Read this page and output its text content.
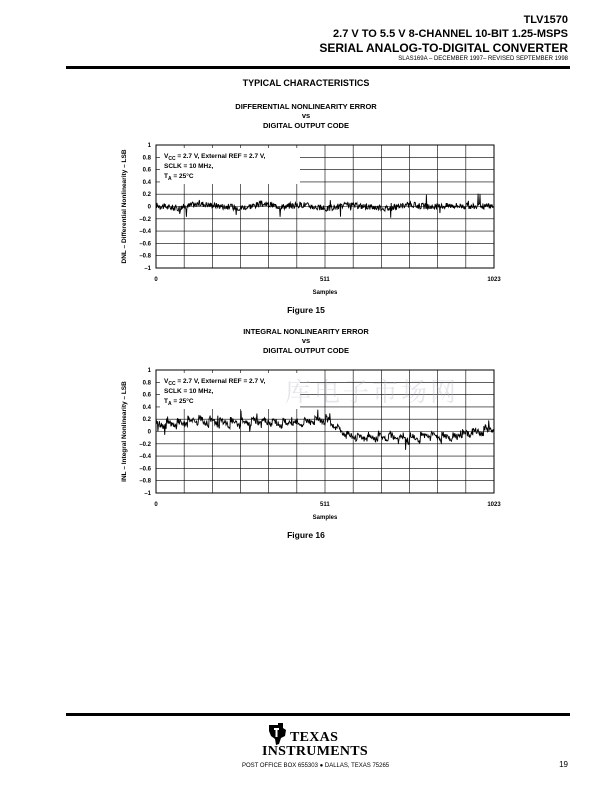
TLV1570
2.7 V TO 5.5 V 8-CHANNEL 10-BIT 1.25-MSPS
SERIAL ANALOG-TO-DIGITAL CONVERTER
SLAS169A – DECEMBER 1997– REVISED SEPTEMBER 1998
TYPICAL CHARACTERISTICS
DIFFERENTIAL NONLINEARITY ERROR
vs
DIGITAL OUTPUT CODE
$V_{CC} = 2.7$ V, External REF = 2.7 V,
SCLK = 10 MHz,
$T_A = 25^\circ C$
1
0.8
0.6
0.4
0.2
0
–0.2
–0.4
–0.6
–0.8
–1
0	511	1023
Samples
DNL – Differential Nonlinearity – LSB
Figure 15
INTEGRAL NONLINEARITY ERROR
vs
DIGITAL OUTPUT CODE
$V_{CC} = 2.7$ V, External REF = 2.7 V,
SCLK = 10 MHz,
$T_A = 25^\circ C$
1
0.8
0.6
0.4
0.2
0
–0.2
–0.4
–0.6
–0.8
–1
0	511	1023
Samples
INL – Integral Nonlinearity – LSB
Figure 16
库电子市场网
TEXAS
INSTRUMENTS
POST OFFICE BOX 655303 ● DALLAS, TEXAS 75265	19
